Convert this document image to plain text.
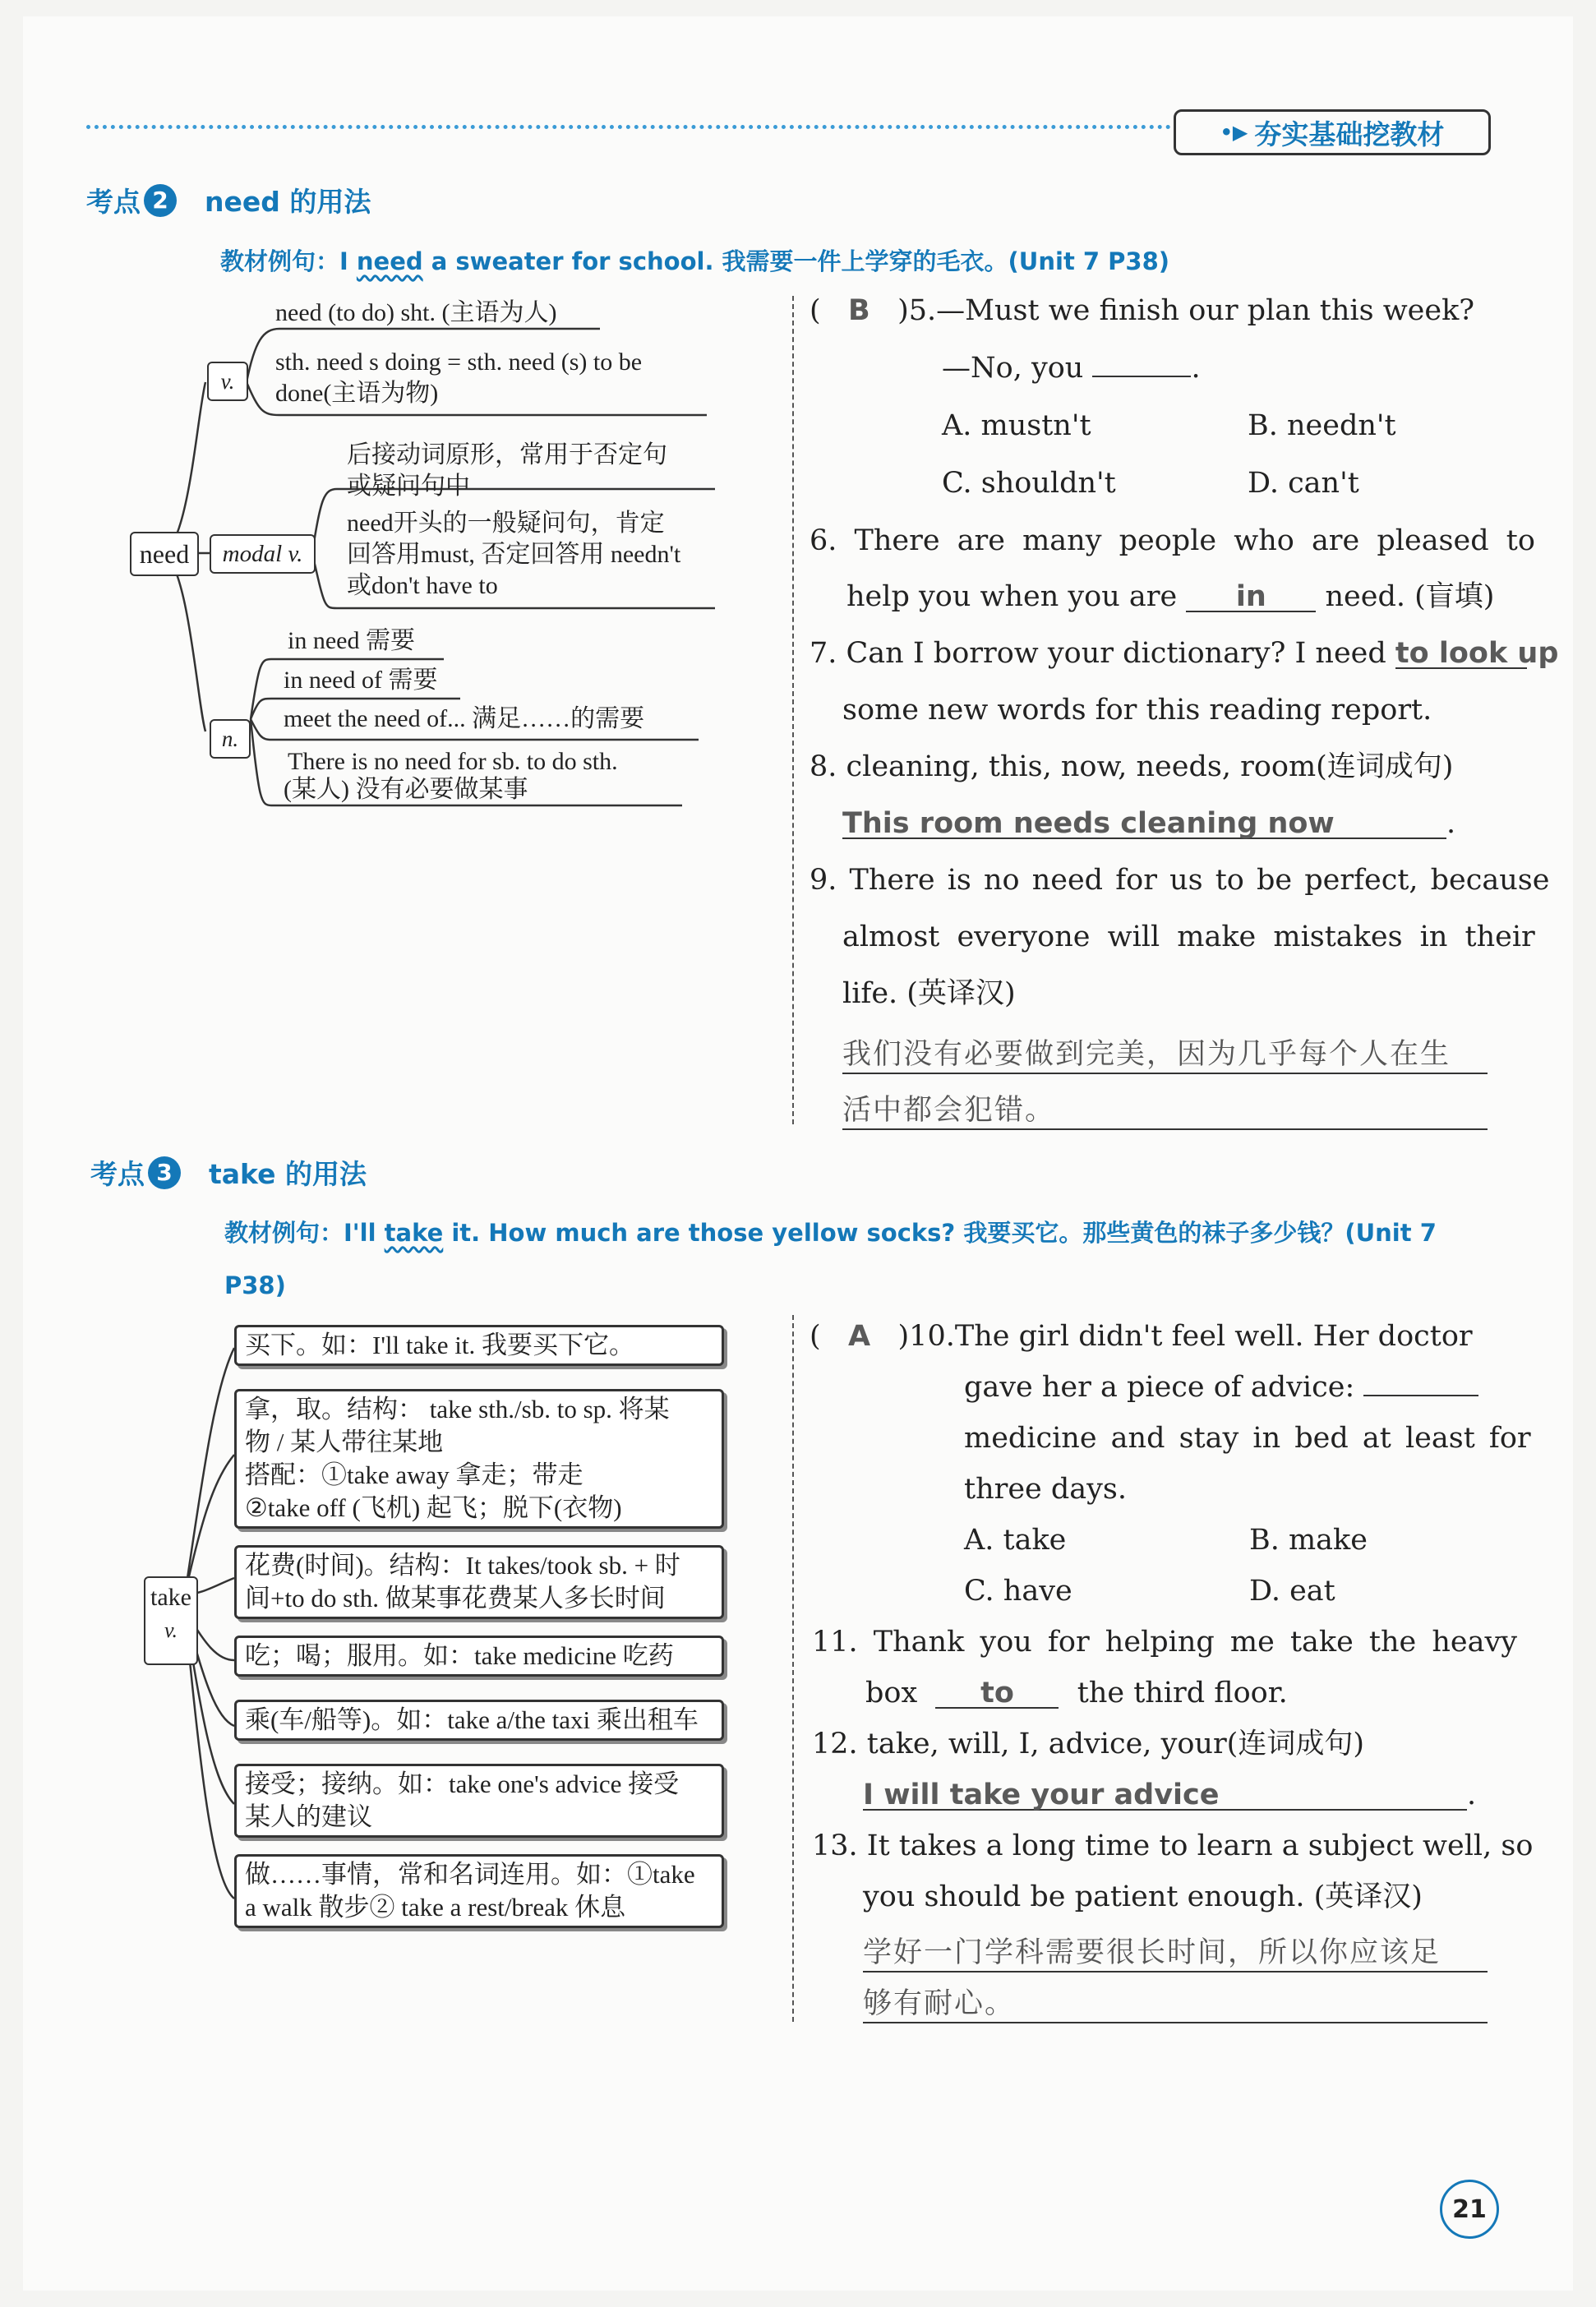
•▶ 夯实基础挖教材
考点 2	need 的用法
教材例句：I need a sweater for school. 我需要一件上学穿的毛衣。(Unit 7 P38)
need
v.
modal v.
n.
need (to do) sht. (主语为人)
sth. need s doing = sth. need (s) to be
done(主语为物)
后接动词原形，常用于否定句
或疑问句中
need开头的一般疑问句，肯定
回答用must, 否定回答用 needn't
或don't have to
in need 需要
in need of 需要
meet the need of... 满足……的需要
There is no need for sb. to do sth.
(某人) 没有必要做某事
(   B )5.—Must we finish our plan this week?
—No, you	.
A. mustn't	B. needn't
C. shouldn't	D. can't
6. There are many people who are pleased to
help you when you are in need. (盲填)
7. Can I borrow your dictionary? I need to look up
some new words for this reading report.
8. cleaning, this, now, needs, room(连词成句)
This room needs cleaning now	.
9. There is no need for us to be perfect, because
almost everyone will make mistakes in their
life. (英译汉)
我们没有必要做到完美，因为几乎每个人在生
活中都会犯错。
考点 3	take 的用法
教材例句：I'll take it. How much are those yellow socks? 我要买它。那些黄色的袜子多少钱？(Unit 7
P38)
take
v.
买下。如：I'll take it. 我要买下它。
拿，取。结构： take sth./sb. to sp. 将某
物 / 某人带往某地
搭配：①take away 拿走；带走
②take off (飞机) 起飞；脱下(衣物)
花费(时间)。结构：It takes/took sb. + 时
间+to do sth. 做某事花费某人多长时间
吃；喝；服用。如：take medicine 吃药
乘(车/船等)。如：take a/the taxi 乘出租车
接受；接纳。如：take one's advice 接受
某人的建议
做……事情，常和名词连用。如：①take
a walk 散步② take a rest/break 休息
(   A )10.The girl didn't feel well. Her doctor
gave her a piece of advice:
medicine and stay in bed at least for
three days.
A. take	B. make
C. have	D. eat
11. Thank you for helping me take the heavy
box to the third floor.
12. take, will, I, advice, your(连词成句)
I will take your advice	.
13. It takes a long time to learn a subject well, so
you should be patient enough. (英译汉)
学好一门学科需要很长时间，所以你应该足
够有耐心。
21
